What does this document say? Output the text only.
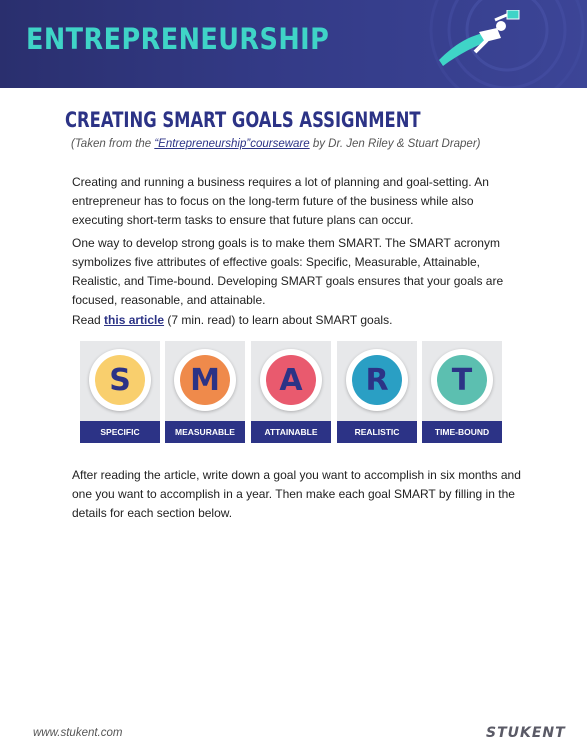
ENTREPRENEURSHIP
CREATING SMART GOALS ASSIGNMENT
(Taken from the “Entrepreneurship”courseware by Dr. Jen Riley & Stuart Draper)
Creating and running a business requires a lot of planning and goal-setting. An entrepreneur has to focus on the long-term future of the business while also executing short-term tasks to ensure that future plans can occur.
One way to develop strong goals is to make them SMART. The SMART acronym symbolizes five attributes of effective goals: Specific, Measurable, Attainable, Realistic, and Time-bound. Developing SMART goals ensures that your goals are focused, reasonable, and attainable.
Read this article (7 min. read) to learn about SMART goals.
S
SPECIFIC
M
MEASURABLE
A
ATTAINABLE
R
REALISTIC
T
TIME-BOUND
After reading the article, write down a goal you want to accomplish in six months and one you want to accomplish in a year. Then make each goal SMART by filling in the details for each section below.
www.stukent.com	STUKENT
